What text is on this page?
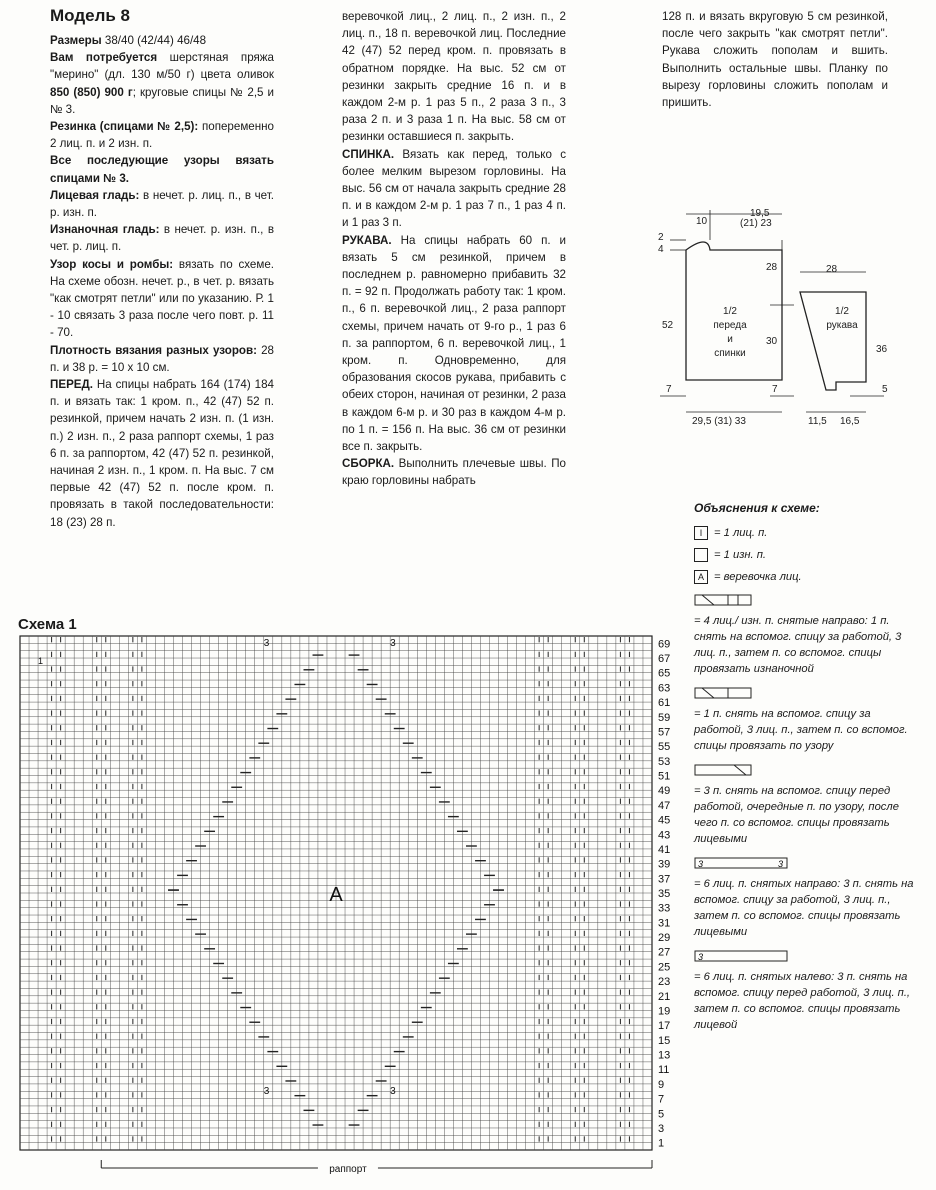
Модель 8

Размеры 38/40 (42/44) 46/48

Вам потребуется шерстяная пряжа "мерино" (дл. 130 м/50 г) цвета оливок 850 (850) 900 г; круговые спицы № 2,5 и № 3.

Резинка (спицами № 2,5): попеременно 2 лиц. п. и 2 изн. п.

Все последующие узоры вязать спицами № 3.

Лицевая гладь: в нечет. р. лиц. п., в чет. р. изн. п.

Изнаночная гладь: в нечет. р. изн. п., в чет. р. лиц. п.

Узор косы и ромбы: вязать по схеме. На схеме обозн. нечет. р., в чет. р. вязать "как смотрят петли" или по указанию. Р. 1 - 10 связать 3 раза после чего повт. р. 11 - 70.

Плотность вязания разных узоров: 28 п. и 38 р. = 10 x 10 см.

ПЕРЕД. На спицы набрать 164 (174) 184 п. и вязать так: 1 кром. п., 42 (47) 52 п. резинкой, причем начать 2 изн. п. (1 изн. п.) 2 изн. п., 2 раза раппорт схемы, 1 раз 6 п. за раппортом, 42 (47) 52 п. резинкой, начиная 2 изн. п., 1 кром. п. На выс. 7 см первые 42 (47) 52 п. после кром. п. провязать в такой последовательности: 18 (23) 28 п.

веревочкой лиц., 2 лиц. п., 2 изн. п., 2 лиц. п., 18 п. веревочкой лиц. Последние 42 (47) 52 перед кром. п. провязать в обратном порядке. На выс. 52 см от резинки закрыть средние 16 п. и в каждом 2-м р. 1 раз 5 п., 2 раза 3 п., 3 раза 2 п. и 3 раза 1 п. На выс. 58 см от резинки оставшиеся п. закрыть.

СПИНКА. Вязать как перед, только с более мелким вырезом горловины. На выс. 56 см от начала закрыть средние 28 п. и в каждом 2-м р. 1 раз 7 п., 1 раз 4 п. и 1 раз 3 п.

РУКАВА. На спицы набрать 60 п. и вязать 5 см резинкой, причем в последнем р. равномерно прибавить 32 п. = 92 п. Продолжать работу так: 1 кром. п., 6 п. веревочкой лиц., 2 раза раппорт схемы, причем начать от 9-го р., 1 раз 6 п. за раппортом, 6 п. веревочкой лиц., 1 кром. п. Одновременно, для образования скосов рукава, прибавить с обеих сторон, начиная от резинки, 2 раза в каждом 6-м р. и 30 раз в каждом 4-м р. по 1 п. = 156 п. На выс. 36 см от резинки все п. закрыть.

СБОРКА. Выполнить плечевые швы. По краю горловины набрать

128 п. и вязать вкруговую 5 см резинкой, после чего закрыть "как смотрят петли". Рукава сложить пополам и вшить. Выполнить остальные швы. Планку по вырезу горловины сложить пополам и пришить.

1/2
переда
и
спинки
1/2
рукава
10
19,5
(21) 23
2
4
28
52
30
7	7
29,5 (31) 33
28
36
5
11,5 16,5
Схема 1
A
3	3
3	3
1
69
67
65
63
61
59
57
55
53
51
49
47
45
43
41
39
37
35
33
31
29
27
25
23
21
19
17
15
13
11
9
7
5
3
1
раппорт
Объяснения к схеме:
I	= 1 лиц. п.
= 1 изн. п.
A = веревочка лиц.

= 4 лиц./ изн. п. снятые направо: 1 п. снять на вспомог. спицу за работой, 3 лиц. п., затем п. со вспомог. спицы провязать изнаночной

= 1 п. снять на вспомог. спицу за работой, 3 лиц. п., затем п. со вспомог. спицы провязать по узору

= 3 п. снять на вспомог. спицу перед работой, очередные п. по узору, после чего п. со вспомог. спицы провязать лицевыми

3	3

= 6 лиц. п. снятых направо: 3 п. снять на вспомог. спицу за работой, 3 лиц. п., затем п. со вспомог. спицы провязать лицевыми

3

= 6 лиц. п. снятых налево: 3 п. снять на вспомог. спицу перед работой, 3 лиц. п., затем п. со вспомог. спицы провязать лицевой
